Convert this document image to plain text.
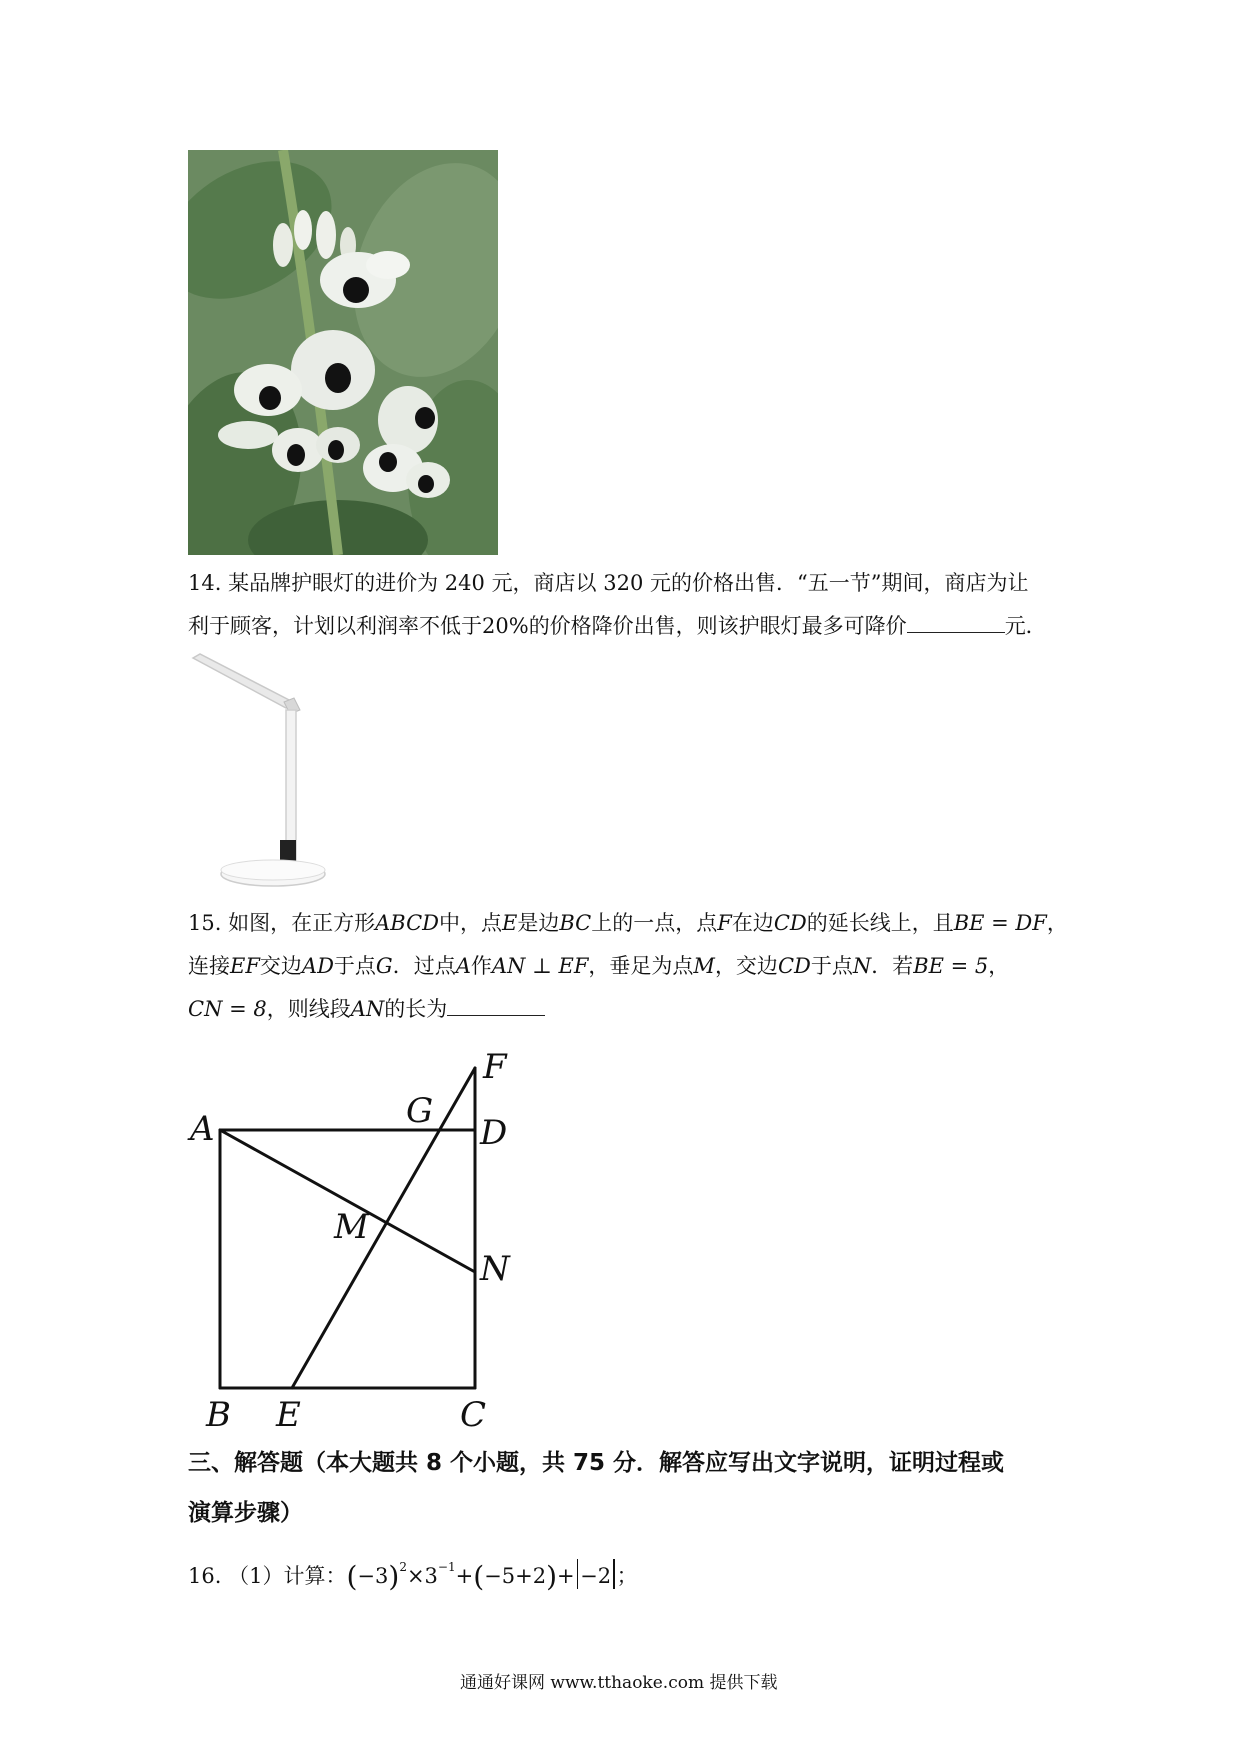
14. 某品牌护眼灯的进价为 240 元，商店以 320 元的价格出售．“五一节”期间，商店为让
利于顾客，计划以利润率不低于20%的价格降价出售，则该护眼灯最多可降价	元．
15. 如图，在正方形ABCD中，点E是边BC上的一点，点F在边CD的延长线上，且BE = DF，
连接EF交边AD于点G．过点A作AN ⊥ EF，垂足为点M，交边CD于点N．若BE = 5，
CN = 8，则线段AN的长为
A
B	C
D
E
F
G
M
N
三、解答题（本大题共 8 个小题，共 75 分．解答应写出文字说明，证明过程或
演算步骤）
16. （1）计算：$(-3)^2\times 3^{-1}+(-5+2)+ -2$ ；
通通好课网 www.tthaoke.com 提供下载
